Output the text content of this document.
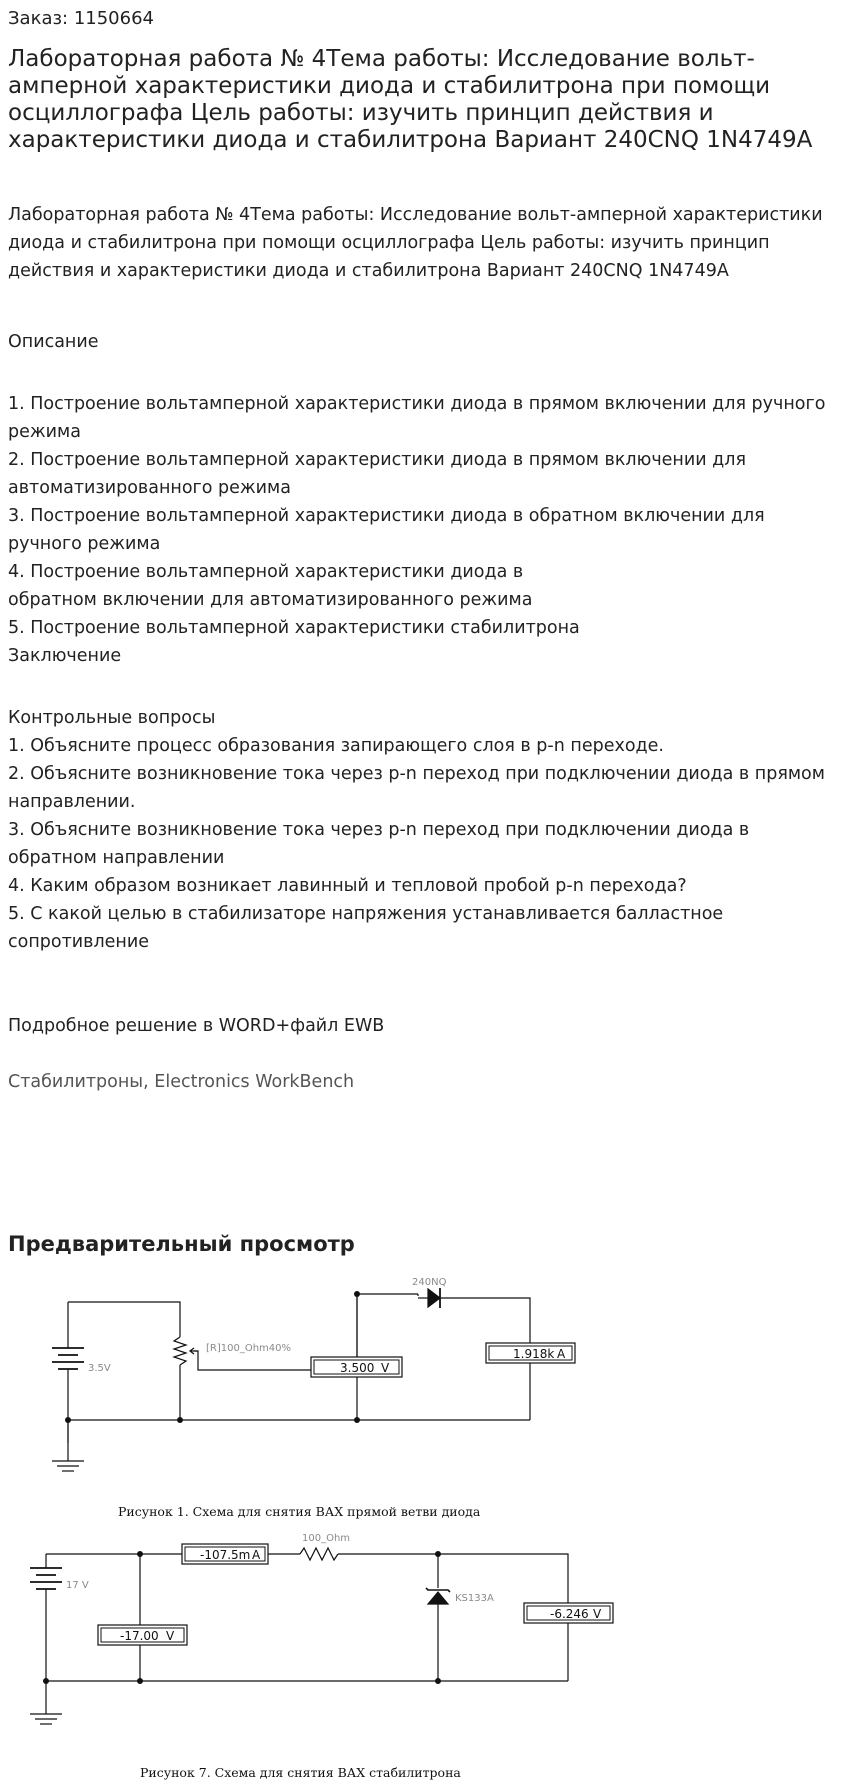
Заказ: 1150664
Лабораторная работа № 4Тема работы: Исследование вольт-амперной характеристики диода и стабилитрона при помощи осциллографа Цель работы: изучить принцип действия и характеристики диода и стабилитрона Вариант 240CNQ 1N4749A
Лабораторная работа № 4Тема работы: Исследование вольт-амперной характеристики диода и стабилитрона при помощи осциллографа Цель работы: изучить принцип действия и характеристики диода и стабилитрона Вариант 240CNQ 1N4749A
Описание
1. Построение вольтамперной характеристики диода в прямом включении для ручного режима
2. Построение вольтамперной характеристики диода в прямом включении для автоматизированного режима
3. Построение вольтамперной характеристики диода в обратном включении для ручного режима
4. Построение вольтамперной характеристики диода в
обратном включении для автоматизированного режима
5. Построение вольтамперной характеристики стабилитрона
Заключение
Контрольные вопросы
1. Объясните процесс образования запирающего слоя в p-n переходе.
2. Объясните возникновение тока через p-n переход при подключении диода в прямом направлении.
3. Объясните возникновение тока через p-n переход при подключении диода в обратном направлении
4. Каким образом возникает лавинный и тепловой пробой p-n перехода?
5. С какой целью в стабилизаторе напряжения устанавливается балластное сопротивление
Подробное решение в WORD+файл EWB
Стабилитроны, Electronics WorkBench
Предварительный просмотр
3.500 V
1.918k A
240NQ
[R]100_Ohm40%
3.5V
Рисунок 1. Схема для снятия ВАХ прямой ветви диода
-107.5m A
-17.00 V
-6.246 V
17 V
100_Ohm
KS133A
Рисунок 7. Схема для снятия ВАХ стабилитрона
